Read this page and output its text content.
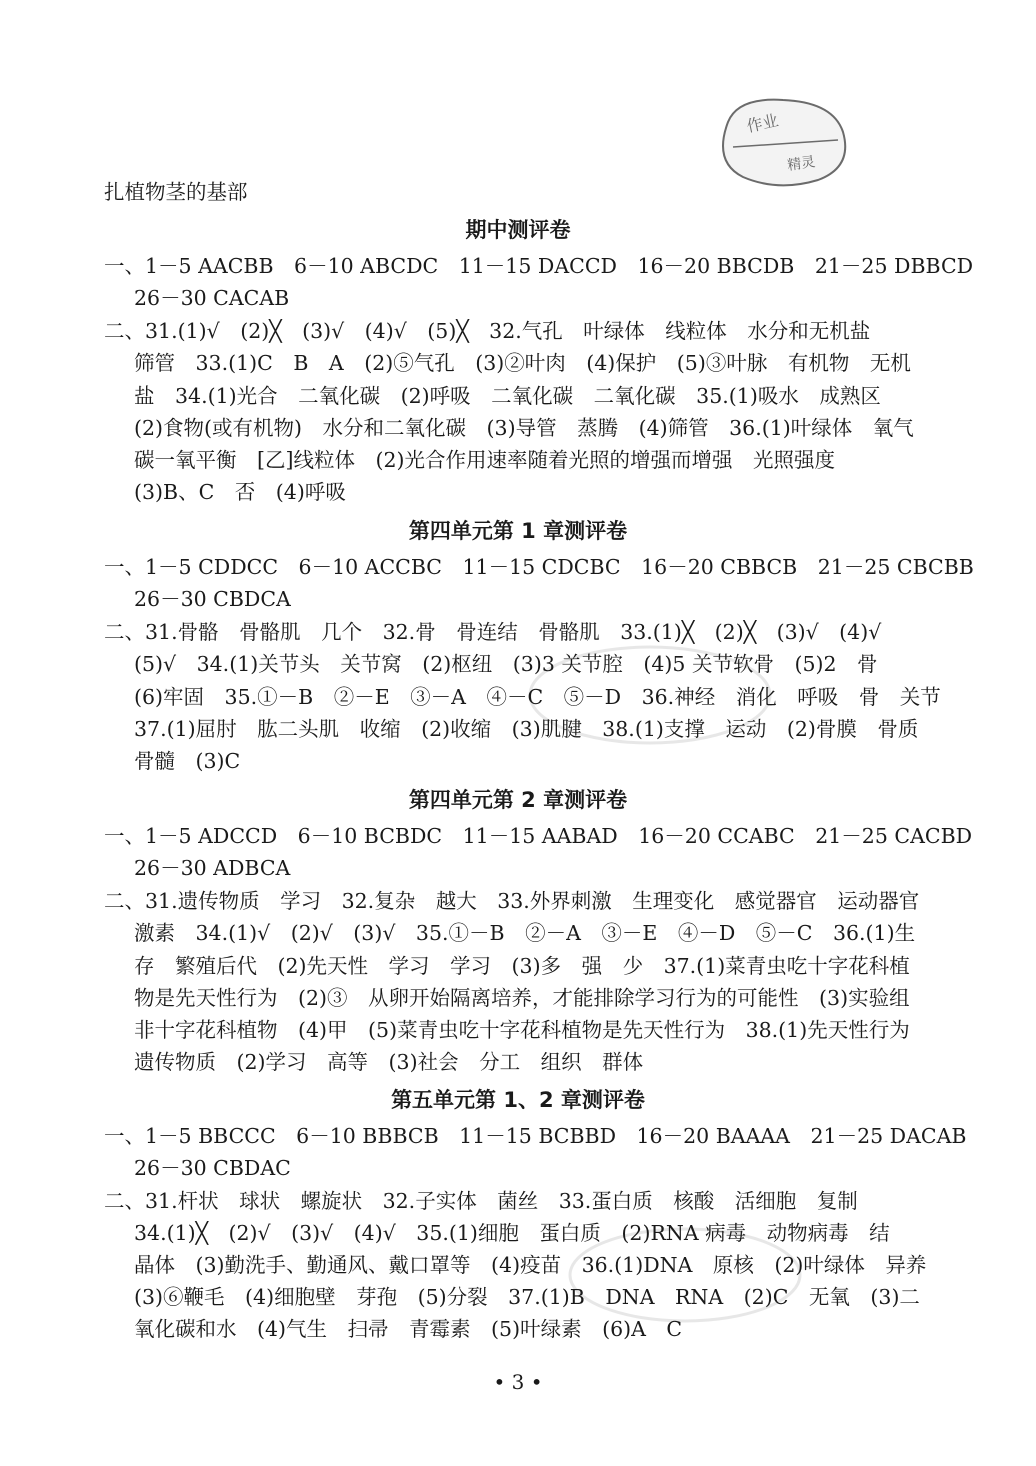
作业
精灵
扎植物茎的基部
期中测评卷
一、1－5 AACBB　6－10 ABCDC　11－15 DACCD　16－20 BBCDB　21－25 DBBCD
26－30 CACAB
二、31.(1)√　(2)╳　(3)√　(4)√　(5)╳　32.气孔　叶绿体　线粒体　水分和无机盐
筛管　33.(1)C　B　A　(2)⑤气孔　(3)②叶肉　(4)保护　(5)③叶脉　有机物　无机
盐　34.(1)光合　二氧化碳　(2)呼吸　二氧化碳　二氧化碳　35.(1)吸水　成熟区
(2)食物(或有机物)　水分和二氧化碳　(3)导管　蒸腾　(4)筛管　36.(1)叶绿体　氧气
碳一氧平衡　[乙]线粒体　(2)光合作用速率随着光照的增强而增强　光照强度
(3)B、C　否　(4)呼吸
第四单元第 1 章测评卷
一、1－5 CDDCC　6－10 ACCBC　11－15 CDCBC　16－20 CBBCB　21－25 CBCBB
26－30 CBDCA
二、31.骨骼　骨骼肌　几个　32.骨　骨连结　骨骼肌　33.(1)╳　(2)╳　(3)√　(4)√
(5)√　34.(1)关节头　关节窝　(2)枢纽　(3)3 关节腔　(4)5 关节软骨　(5)2　骨
(6)牢固　35.①－B　②－E　③－A　④－C　⑤－D　36.神经　消化　呼吸　骨　关节
37.(1)屈肘　肱二头肌　收缩　(2)收缩　(3)肌腱　38.(1)支撑　运动　(2)骨膜　骨质
骨髓　(3)C
第四单元第 2 章测评卷
一、1－5 ADCCD　6－10 BCBDC　11－15 AABAD　16－20 CCABC　21－25 CACBD
26－30 ADBCA
二、31.遗传物质　学习　32.复杂　越大　33.外界刺激　生理变化　感觉器官　运动器官
激素　34.(1)√　(2)√　(3)√　35.①－B　②－A　③－E　④－D　⑤－C　36.(1)生
存　繁殖后代　(2)先天性　学习　学习　(3)多　强　少　37.(1)菜青虫吃十字花科植
物是先天性行为　(2)③　从卵开始隔离培养，才能排除学习行为的可能性　(3)实验组
非十字花科植物　(4)甲　(5)菜青虫吃十字花科植物是先天性行为　38.(1)先天性行为
遗传物质　(2)学习　高等　(3)社会　分工　组织　群体
第五单元第 1、2 章测评卷
一、1－5 BBCCC　6－10 BBBCB　11－15 BCBBD　16－20 BAAAA　21－25 DACAB
26－30 CBDAC
二、31.杆状　球状　螺旋状　32.子实体　菌丝　33.蛋白质　核酸　活细胞　复制
34.(1)╳　(2)√　(3)√　(4)√　35.(1)细胞　蛋白质　(2)RNA 病毒　动物病毒　结
晶体　(3)勤洗手、勤通风、戴口罩等　(4)疫苗　36.(1)DNA　原核　(2)叶绿体　异养
(3)⑥鞭毛　(4)细胞壁　芽孢　(5)分裂　37.(1)B　DNA　RNA　(2)C　无氧　(3)二
氧化碳和水　(4)气生　扫帚　青霉素　(5)叶绿素　(6)A　C
• 3 •
